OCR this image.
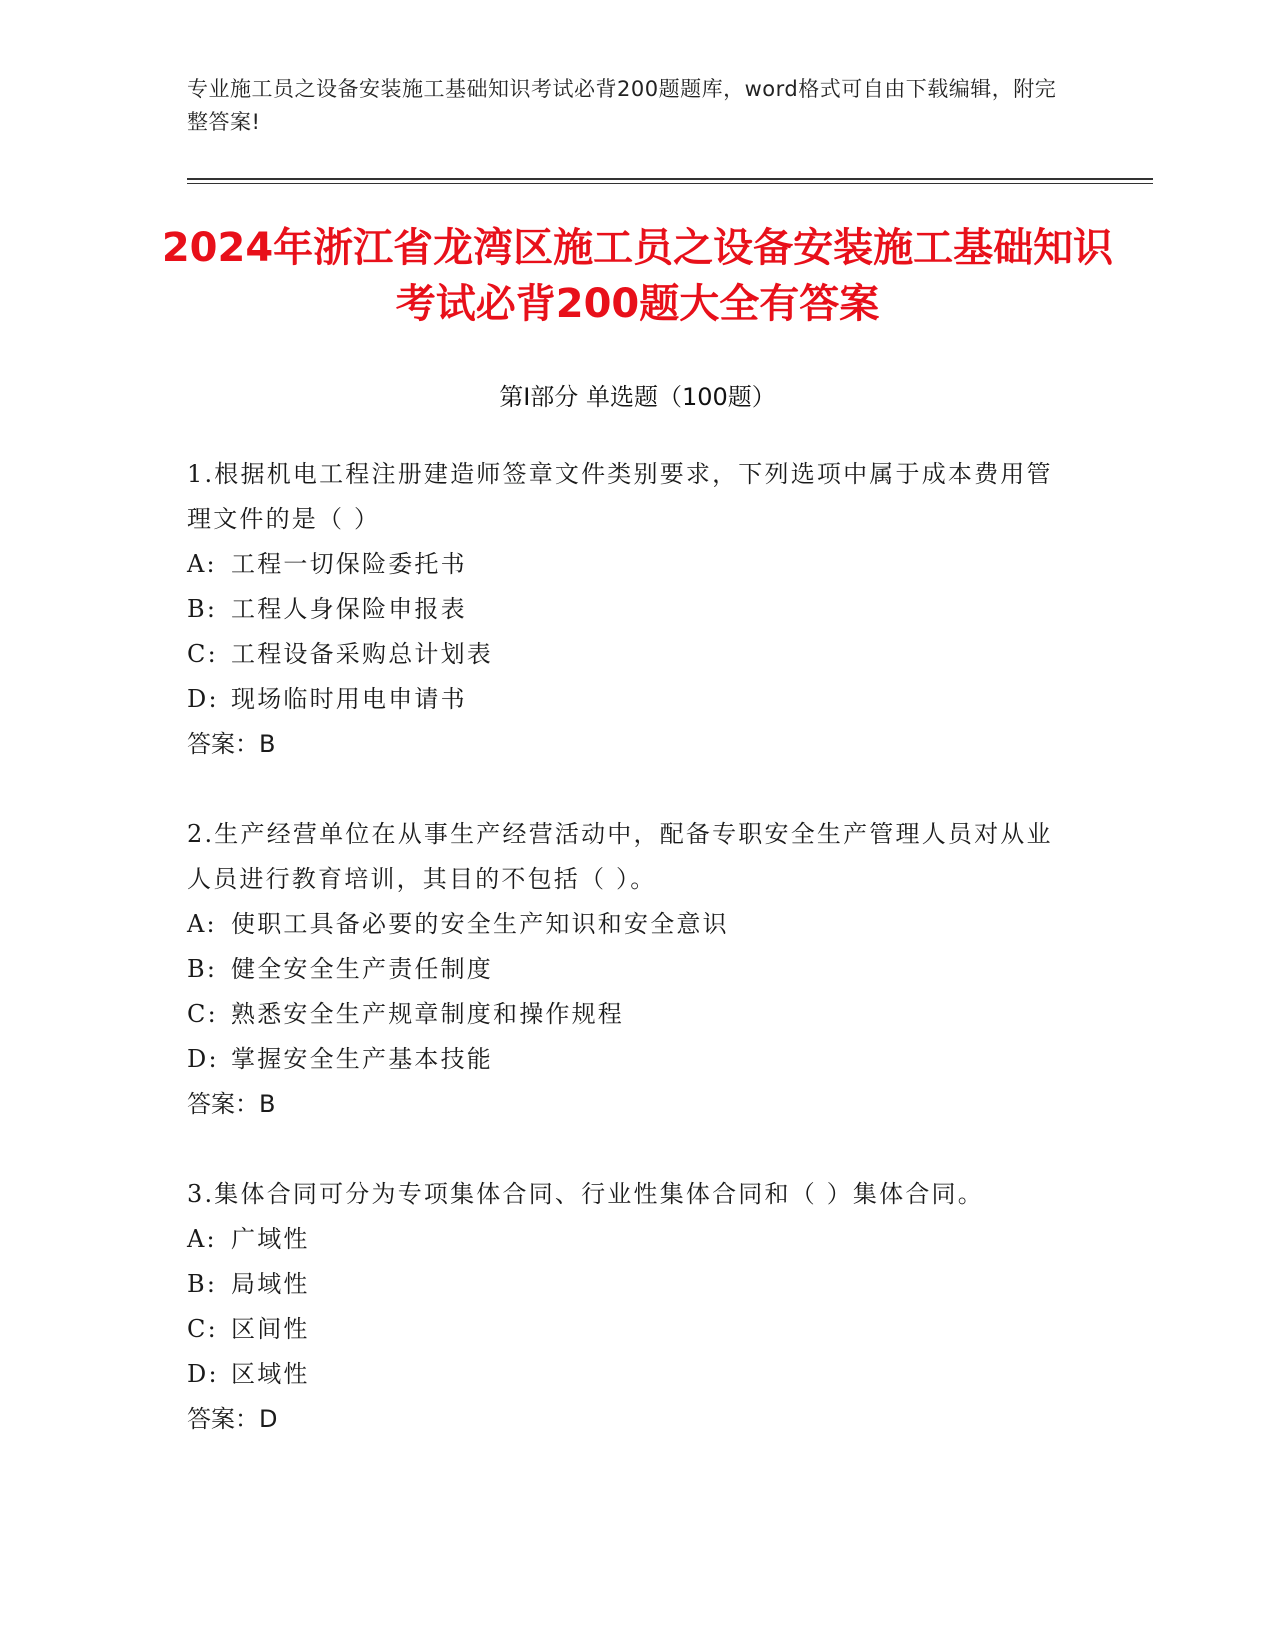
专业施工员之设备安装施工基础知识考试必背200题题库，word格式可自由下载编辑，附完整答案!
2024年浙江省龙湾区施工员之设备安装施工基础知识考试必背200题大全有答案
第I部分 单选题（100题）

1.根据机电工程注册建造师签章文件类别要求，下列选项中属于成本费用管理文件的是（ ）

A: 工程一切保险委托书

B: 工程人身保险申报表

C: 工程设备采购总计划表

D: 现场临时用电申请书

答案：B

2.生产经营单位在从事生产经营活动中，配备专职安全生产管理人员对从业人员进行教育培训，其目的不包括（ ）。

A: 使职工具备必要的安全生产知识和安全意识

B: 健全安全生产责任制度

C: 熟悉安全生产规章制度和操作规程

D: 掌握安全生产基本技能

答案：B

3.集体合同可分为专项集体合同、行业性集体合同和（ ）集体合同。

A: 广域性

B: 局域性

C: 区间性

D: 区域性

答案：D
